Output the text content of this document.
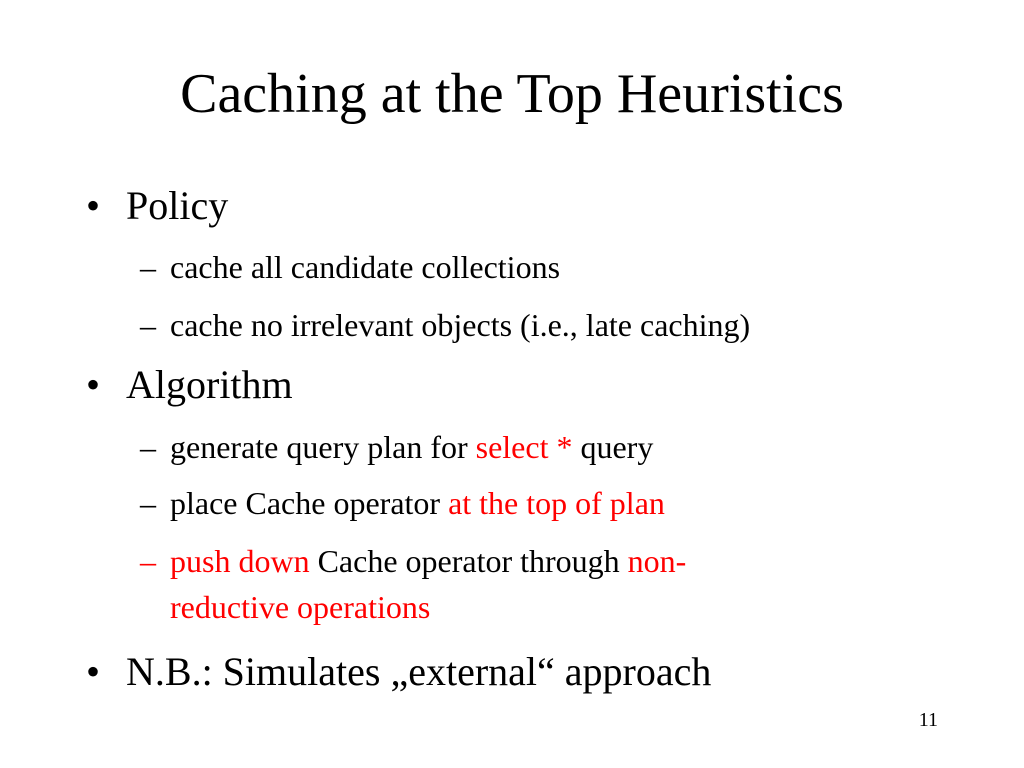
Caching at the Top Heuristics
• Policy
– cache all candidate collections
– cache no irrelevant objects (i.e., late caching)
• Algorithm
– generate query plan for select * query
– place Cache operator at the top of plan
– push down Cache operator through non-
reductive operations
• N.B.: Simulates „external“ approach
11
